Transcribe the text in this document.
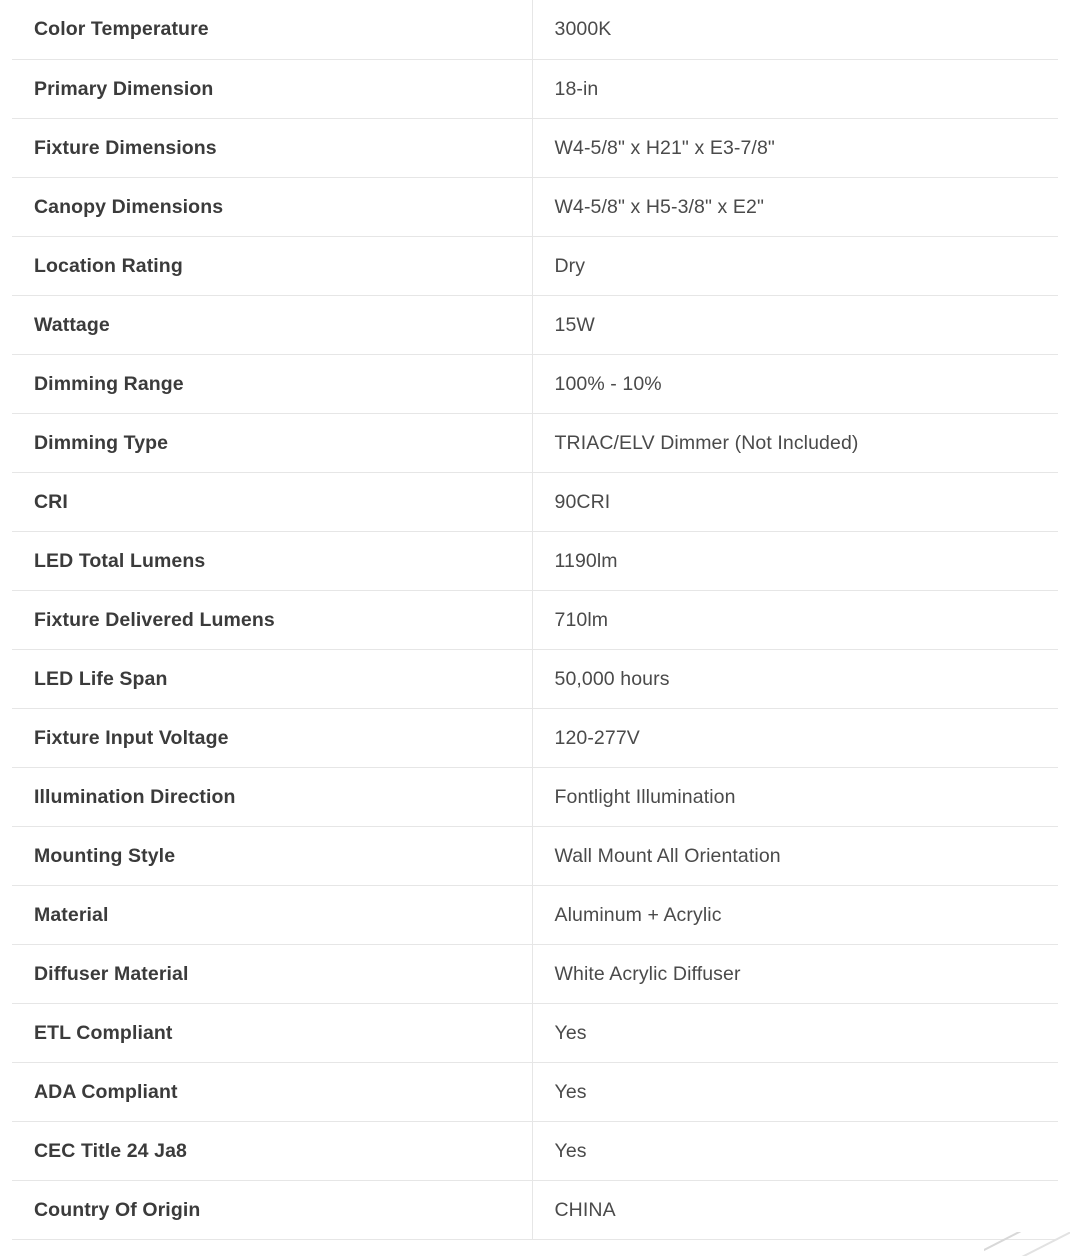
Color Temperature	3000K
Primary Dimension	18-in
Fixture Dimensions	W4-5/8" x H21" x E3-7/8"
Canopy Dimensions	W4-5/8" x H5-3/8" x E2"
Location Rating	Dry
Wattage	15W
Dimming Range	100% - 10%
Dimming Type	TRIAC/ELV Dimmer (Not Included)
CRI	90CRI
LED Total Lumens	1190lm
Fixture Delivered Lumens	710lm
LED Life Span	50,000 hours
Fixture Input Voltage	120-277V
Illumination Direction	Fontlight Illumination
Mounting Style	Wall Mount All Orientation
Material	Aluminum + Acrylic
Diffuser Material	White Acrylic Diffuser
ETL Compliant	Yes
ADA Compliant	Yes
CEC Title 24 Ja8	Yes
Country Of Origin	CHINA
